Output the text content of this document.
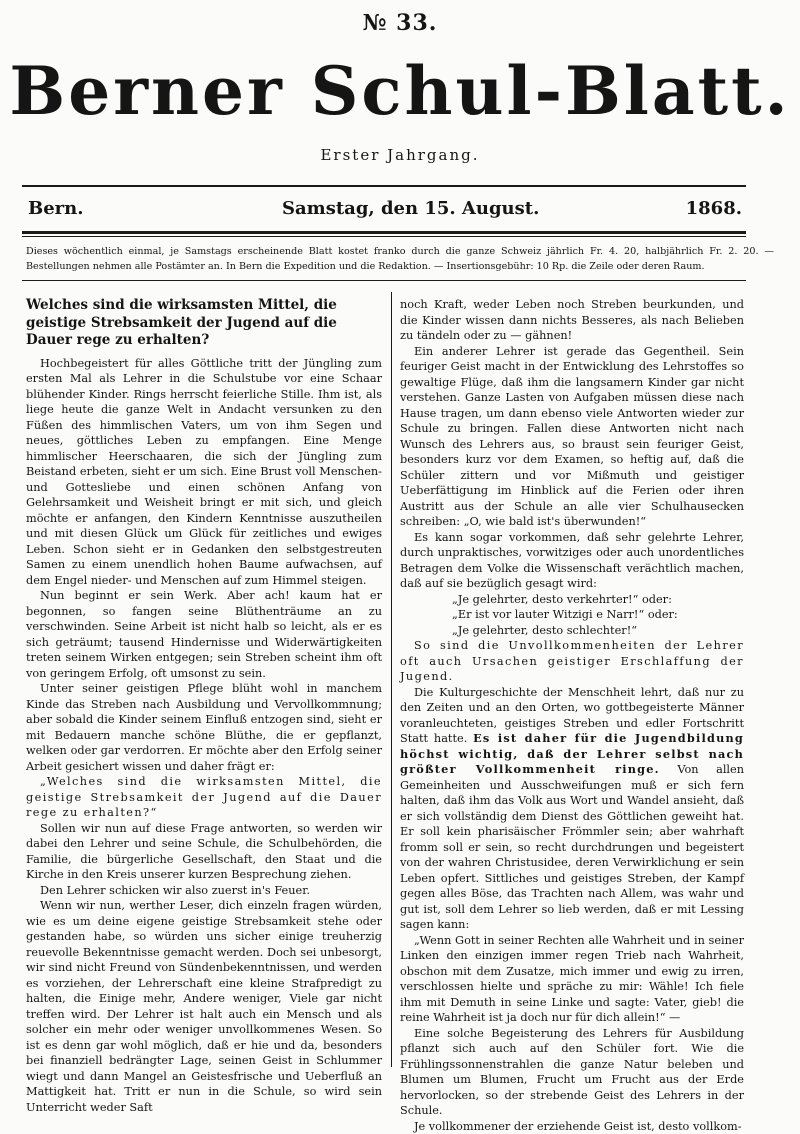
№ 33.
Berner Schul-Blatt.
Erster Jahrgang.
Bern.	Samstag, den 15. August.	1868.
Dieses wöchentlich einmal, je Samstags erscheinende Blatt kostet franko durch die ganze Schweiz jährlich Fr. 4. 20, halbjährlich Fr. 2. 20. — Bestellungen nehmen alle Postämter an. In Bern die Expedition und die Redaktion. — Insertionsgebühr: 10 Rp. die Zeile oder deren Raum.
Welches sind die wirksamsten Mittel, die geistige Strebsamkeit der Jugend auf die Dauer rege zu erhalten?

Hochbegeistert für alles Göttliche tritt der Jüngling zum ersten Mal als Lehrer in die Schulstube vor eine Schaar blühender Kinder. Rings herrscht feierliche Stille. Ihm ist, als liege heute die ganze Welt in Andacht versunken zu den Füßen des himmlischen Vaters, um von ihm Segen und neues, göttliches Leben zu empfangen. Eine Menge himmlischer Heerschaaren, die sich der Jüngling zum Beistand erbeten, sieht er um sich. Eine Brust voll Menschen- und Gottesliebe und einen schönen Anfang von Gelehrsamkeit und Weisheit bringt er mit sich, und gleich möchte er anfangen, den Kindern Kenntnisse auszutheilen und mit diesen Glück um Glück für zeitliches und ewiges Leben. Schon sieht er in Gedanken den selbstgestreuten Samen zu einem unendlich hohen Baume aufwachsen, auf dem Engel nieder- und Menschen auf zum Himmel steigen.

Nun beginnt er sein Werk. Aber ach! kaum hat er begonnen, so fangen seine Blüthenträume an zu verschwinden. Seine Arbeit ist nicht halb so leicht, als er es sich geträumt; tausend Hindernisse und Widerwärtigkeiten treten seinem Wirken entgegen; sein Streben scheint ihm oft von geringem Erfolg, oft umsonst zu sein.

Unter seiner geistigen Pflege blüht wohl in manchem Kinde das Streben nach Ausbildung und Vervollkommnung; aber sobald die Kinder seinem Einfluß entzogen sind, sieht er mit Bedauern manche schöne Blüthe, die er gepflanzt, welken oder gar verdorren. Er möchte aber den Erfolg seiner Arbeit gesichert wissen und daher frägt er:

„Welches sind die wirksamsten Mittel, die geistige Strebsamkeit der Jugend auf die Dauer rege zu erhalten?“

Sollen wir nun auf diese Frage antworten, so werden wir dabei den Lehrer und seine Schule, die Schulbehörden, die Familie, die bürgerliche Gesellschaft, den Staat und die Kirche in den Kreis unserer kurzen Besprechung ziehen.

Den Lehrer schicken wir also zuerst in's Feuer.

Wenn wir nun, werther Leser, dich einzeln fragen würden, wie es um deine eigene geistige Strebsamkeit stehe oder gestanden habe, so würden uns sicher einige treuherzig reuevolle Bekenntnisse gemacht werden. Doch sei unbesorgt, wir sind nicht Freund von Sündenbekenntnissen, und werden es vorziehen, der Lehrerschaft eine kleine Strafpredigt zu halten, die Einige mehr, Andere weniger, Viele gar nicht treffen wird. Der Lehrer ist halt auch ein Mensch und als solcher ein mehr oder weniger unvollkommenes Wesen. So ist es denn gar wohl möglich, daß er hie und da, besonders bei finanziell bedrängter Lage, seinen Geist in Schlummer wiegt und dann Mangel an Geistesfrische und Ueberfluß an Mattigkeit hat. Tritt er nun in die Schule, so wird sein Unterricht weder Saft

noch Kraft, weder Leben noch Streben beurkunden, und die Kinder wissen dann nichts Besseres, als nach Belieben zu tändeln oder zu — gähnen!

Ein anderer Lehrer ist gerade das Gegentheil. Sein feuriger Geist macht in der Entwicklung des Lehrstoffes so gewaltige Flüge, daß ihm die langsamern Kinder gar nicht verstehen. Ganze Lasten von Aufgaben müssen diese nach Hause tragen, um dann ebenso viele Antworten wieder zur Schule zu bringen. Fallen diese Antworten nicht nach Wunsch des Lehrers aus, so braust sein feuriger Geist, besonders kurz vor dem Examen, so heftig auf, daß die Schüler zittern und vor Mißmuth und geistiger Ueberfättigung im Hinblick auf die Ferien oder ihren Austritt aus der Schule an alle vier Schulhausecken schreiben: „O, wie bald ist's überwunden!“

Es kann sogar vorkommen, daß sehr gelehrte Lehrer, durch unpraktisches, vorwitziges oder auch unordentliches Betragen dem Volke die Wissenschaft verächtlich machen, daß auf sie bezüglich gesagt wird:

„Je gelehrter, desto verkehrter!“ oder:

„Er ist vor lauter Witzigi e Narr!“ oder:

„Je gelehrter, desto schlechter!“

So sind die Unvollkommenheiten der Lehrer oft auch Ursachen geistiger Erschlaffung der Jugend.

Die Kulturgeschichte der Menschheit lehrt, daß nur zu den Zeiten und an den Orten, wo gottbegeisterte Männer voranleuchteten, geistiges Streben und edler Fortschritt Statt hatte. Es ist daher für die Jugendbildung höchst wichtig, daß der Lehrer selbst nach größter Vollkommenheit ringe. Von allen Gemeinheiten und Ausschweifungen muß er sich fern halten, daß ihm das Volk aus Wort und Wandel ansieht, daß er sich vollständig dem Dienst des Göttlichen geweiht hat. Er soll kein pharisäischer Frömmler sein; aber wahrhaft fromm soll er sein, so recht durchdrungen und begeistert von der wahren Christusidee, deren Verwirklichung er sein Leben opfert. Sittliches und geistiges Streben, der Kampf gegen alles Böse, das Trachten nach Allem, was wahr und gut ist, soll dem Lehrer so lieb werden, daß er mit Lessing sagen kann:

„Wenn Gott in seiner Rechten alle Wahrheit und in seiner Linken den einzigen immer regen Trieb nach Wahrheit, obschon mit dem Zusatze, mich immer und ewig zu irren, verschlossen hielte und spräche zu mir: Wähle! Ich fiele ihm mit Demuth in seine Linke und sagte: Vater, gieb! die reine Wahrheit ist ja doch nur für dich allein!“ —

Eine solche Begeisterung des Lehrers für Ausbildung pflanzt sich auch auf den Schüler fort. Wie die Frühlingssonnenstrahlen die ganze Natur beleben und Blumen um Blumen, Frucht um Frucht aus der Erde hervorlocken, so der strebende Geist des Lehrers in der Schule.

Je vollkommener der erziehende Geist ist, desto vollkom-
